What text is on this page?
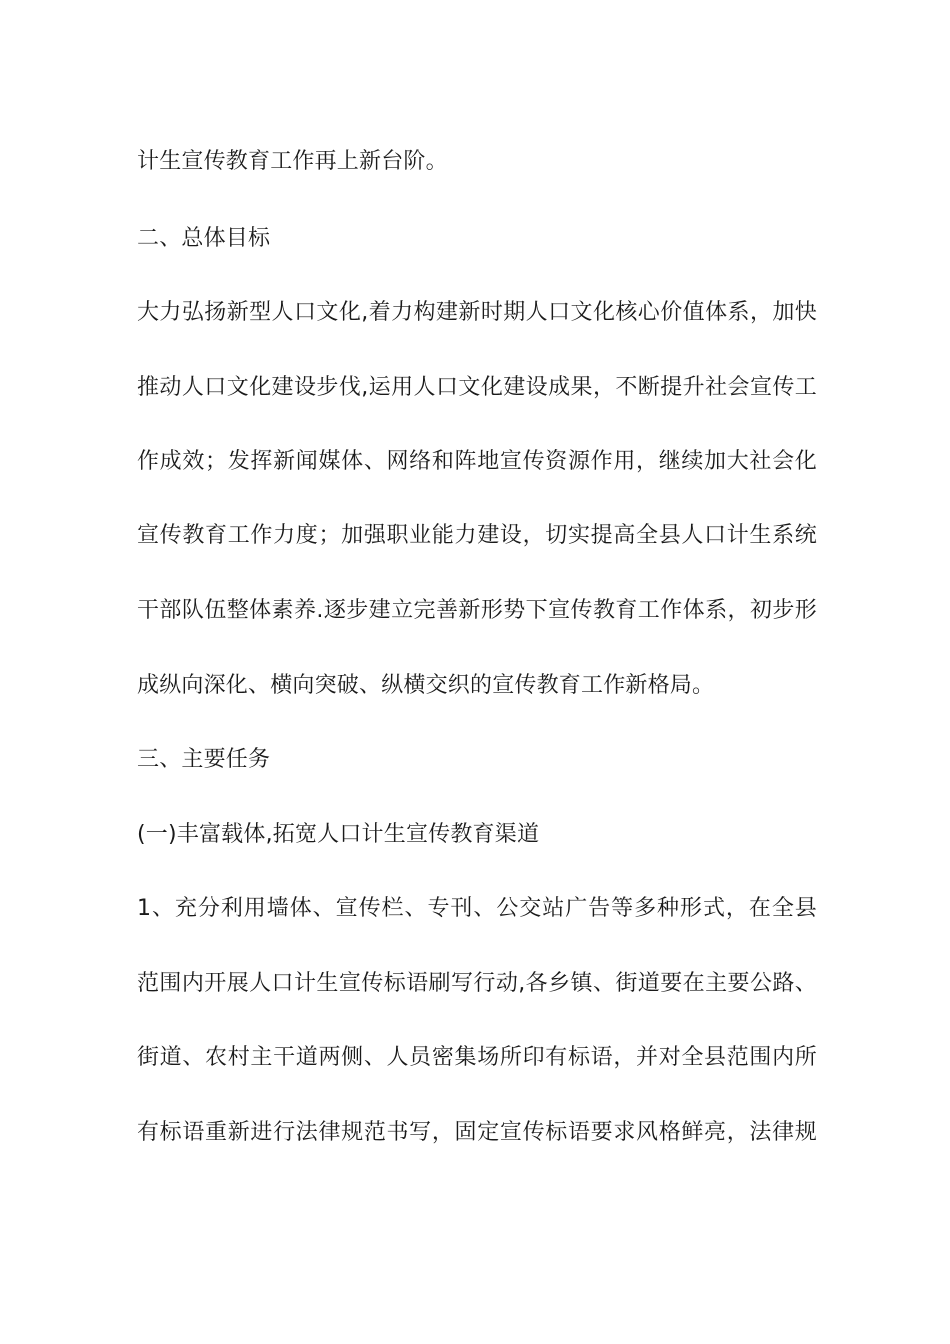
计生宣传教育工作再上新台阶。
二、总体目标
大力弘扬新型人口文化,着力构建新时期人口文化核心价值体系，加快
推动人口文化建设步伐,运用人口文化建设成果，不断提升社会宣传工
作成效；发挥新闻媒体、网络和阵地宣传资源作用，继续加大社会化
宣传教育工作力度；加强职业能力建设，切实提高全县人口计生系统
干部队伍整体素养.逐步建立完善新形势下宣传教育工作体系，初步形
成纵向深化、横向突破、纵横交织的宣传教育工作新格局。
三、主要任务
(一)丰富载体,拓宽人口计生宣传教育渠道
1、充分利用墙体、宣传栏、专刊、公交站广告等多种形式，在全县
范围内开展人口计生宣传标语刷写行动,各乡镇、街道要在主要公路、
街道、农村主干道两侧、人员密集场所印有标语，并对全县范围内所
有标语重新进行法律规范书写，固定宣传标语要求风格鲜亮，法律规
